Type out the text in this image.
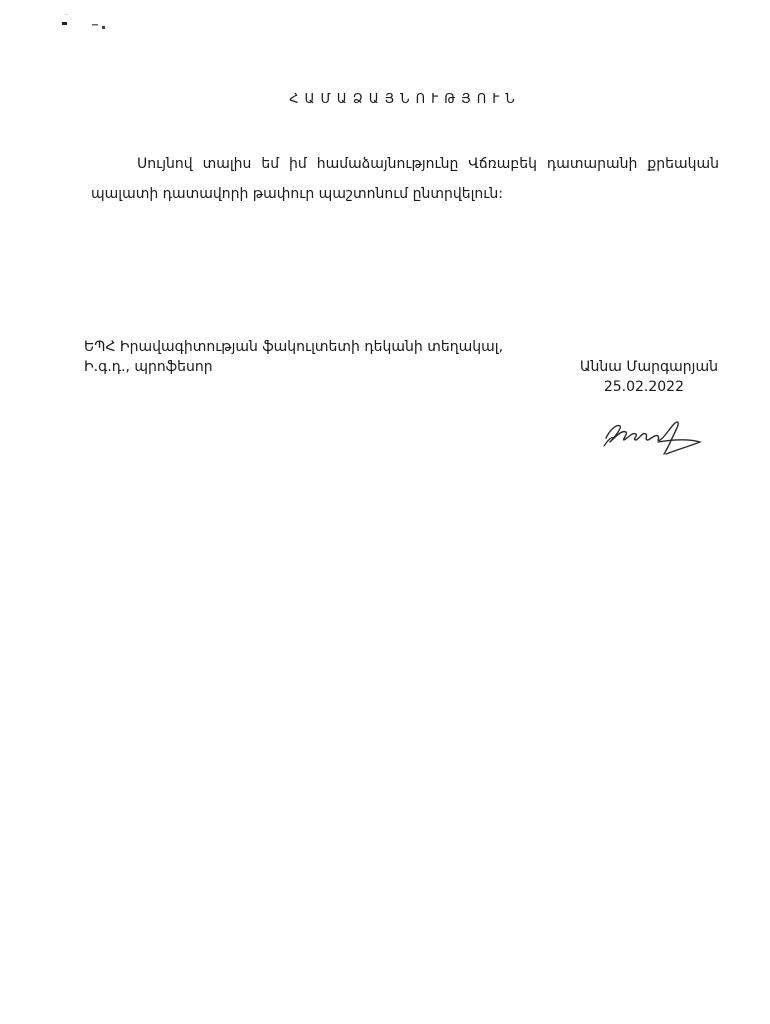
ՀԱՄԱՁԱՅՆՈՒԹՅՈՒՆ

Սույնով տալիս եմ իմ համաձայնությունը Վճռաբեկ դատարանի քրեական պալատի դատավորի թափուր պաշտոնում ընտրվելուն:

ԵՊՀ Իրավագիտության ֆակուլտետի դեկանի տեղակալ,
Ի.գ.դ., պրոֆեսոր	Աննա Մարգարյան
25.02.2022
